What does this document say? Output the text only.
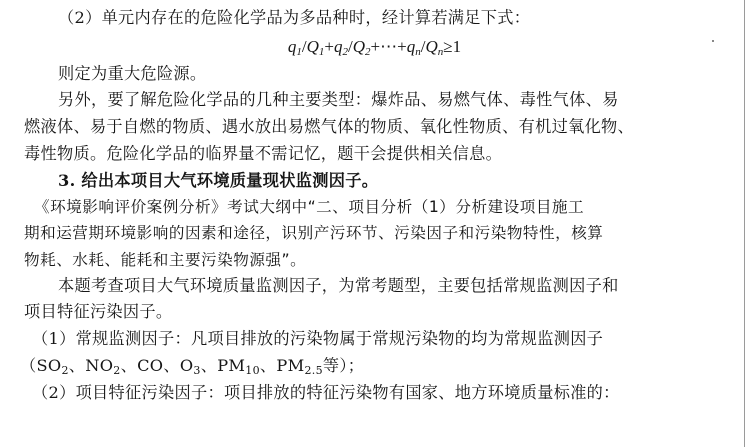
（2）单元内存在的危险化学品为多品种时，经计算若满足下式：
$q_1/Q_1+q_2/Q_2+\cdots+q_n/Q_n\ge 1$
则定为重大危险源。
另外，要了解危险化学品的几种主要类型：爆炸品、易燃气体、毒性气体、易
燃液体、易于自燃的物质、遇水放出易燃气体的物质、氧化性物质、有机过氧化物、
毒性物质。危险化学品的临界量不需记忆，题干会提供相关信息。
3. 给出本项目大气环境质量现状监测因子。
《环境影响评价案例分析》考试大纲中“二、项目分析（1）分析建设项目施工
期和运营期环境影响的因素和途径，识别产污环节、污染因子和污染物特性，核算
物耗、水耗、能耗和主要污染物源强”。
本题考查项目大气环境质量监测因子，为常考题型，主要包括常规监测因子和
项目特征污染因子。
（1）常规监测因子：凡项目排放的污染物属于常规污染物的均为常规监测因子
（$SO_2$、$NO_2$、CO、$O_3$、$PM_{10}$、$PM_{2.5}$等）；
（2）项目特征污染因子：项目排放的特征污染物有国家、地方环境质量标准的：
